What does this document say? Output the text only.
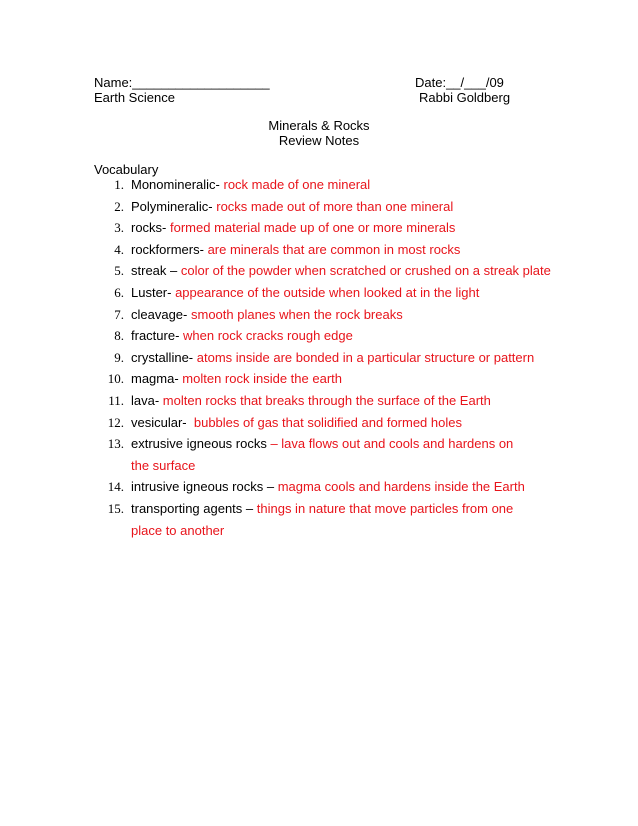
Name:___________________
Earth Science
Date:__/___/09
Rabbi Goldberg
Minerals & Rocks
Review Notes
Vocabulary
1. Monomineralic- rock made of one mineral
2. Polymineralic- rocks made out of more than one mineral
3. rocks- formed material made up of one or more minerals
4. rockformers- are minerals that are common in most rocks
5. streak – color of the powder when scratched or crushed on a streak plate
6. Luster- appearance of the outside when looked at in the light
7. cleavage- smooth planes when the rock breaks
8. fracture- when rock cracks rough edge
9. crystalline- atoms inside are bonded in a particular structure or pattern
10. magma- molten rock inside the earth
11. lava- molten rocks that breaks through the surface of the Earth
12. vesicular-  bubbles of gas that solidified and formed holes
13. extrusive igneous rocks – lava flows out and cools and hardens on the surface
14. intrusive igneous rocks – magma cools and hardens inside the Earth
15. transporting agents – things in nature that move particles from one place to another
